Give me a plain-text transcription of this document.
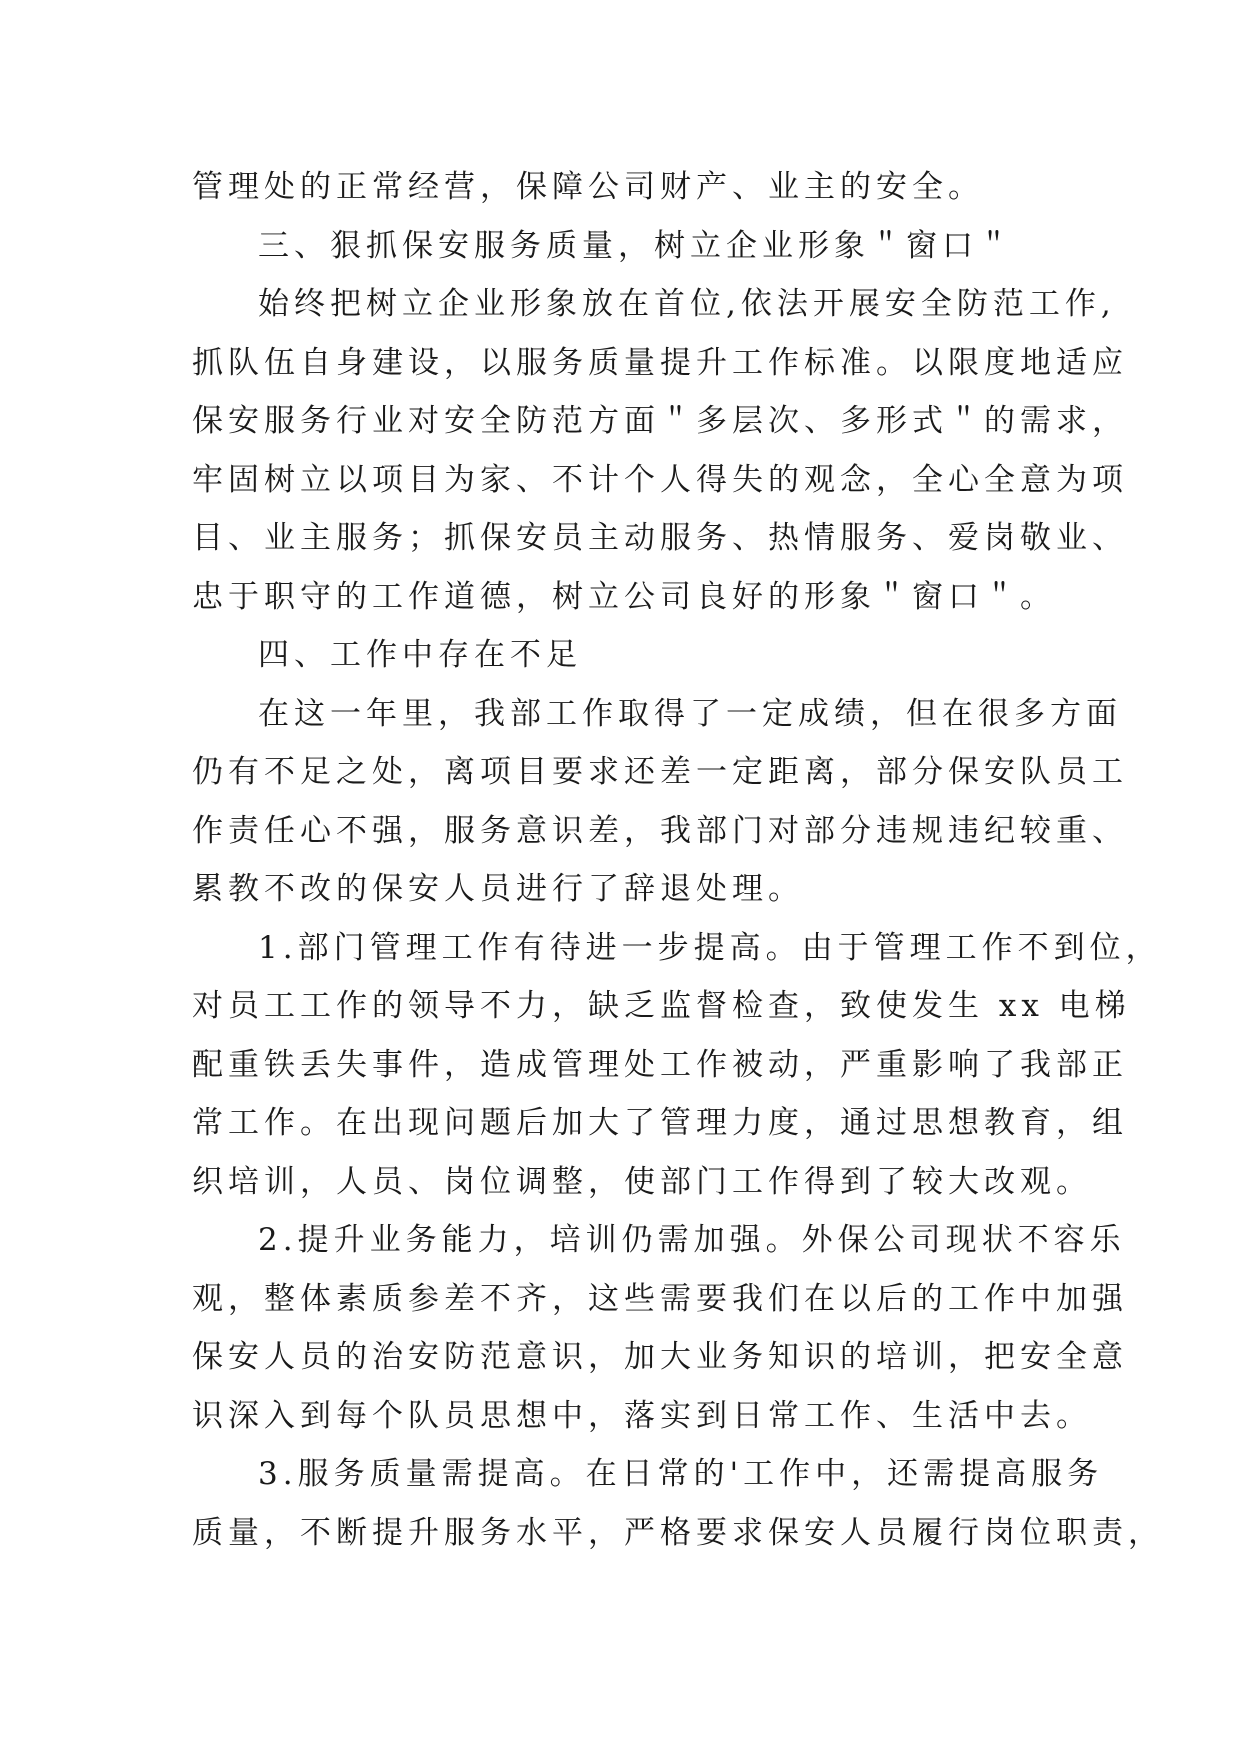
管理处的正常经营，保障公司财产、业主的安全。
三、狠抓保安服务质量，树立企业形象＂窗口＂
始终把树立企业形象放在首位,依法开展安全防范工作,
抓队伍自身建设，以服务质量提升工作标准。以限度地适应
保安服务行业对安全防范方面＂多层次、多形式＂的需求，
牢固树立以项目为家、不计个人得失的观念，全心全意为项
目、业主服务；抓保安员主动服务、热情服务、爱岗敬业、
忠于职守的工作道德，树立公司良好的形象＂窗口＂。
四、工作中存在不足
在这一年里，我部工作取得了一定成绩，但在很多方面
仍有不足之处，离项目要求还差一定距离，部分保安队员工
作责任心不强，服务意识差，我部门对部分违规违纪较重、
累教不改的保安人员进行了辞退处理。
1.部门管理工作有待进一步提高。由于管理工作不到位，
对员工工作的领导不力，缺乏监督检查，致使发生 xx 电梯
配重铁丢失事件，造成管理处工作被动，严重影响了我部正
常工作。在出现问题后加大了管理力度，通过思想教育，组
织培训，人员、岗位调整，使部门工作得到了较大改观。
2.提升业务能力，培训仍需加强。外保公司现状不容乐
观，整体素质参差不齐，这些需要我们在以后的工作中加强
保安人员的治安防范意识，加大业务知识的培训，把安全意
识深入到每个队员思想中，落实到日常工作、生活中去。
3.服务质量需提高。在日常的'工作中，还需提高服务
质量，不断提升服务水平，严格要求保安人员履行岗位职责，
